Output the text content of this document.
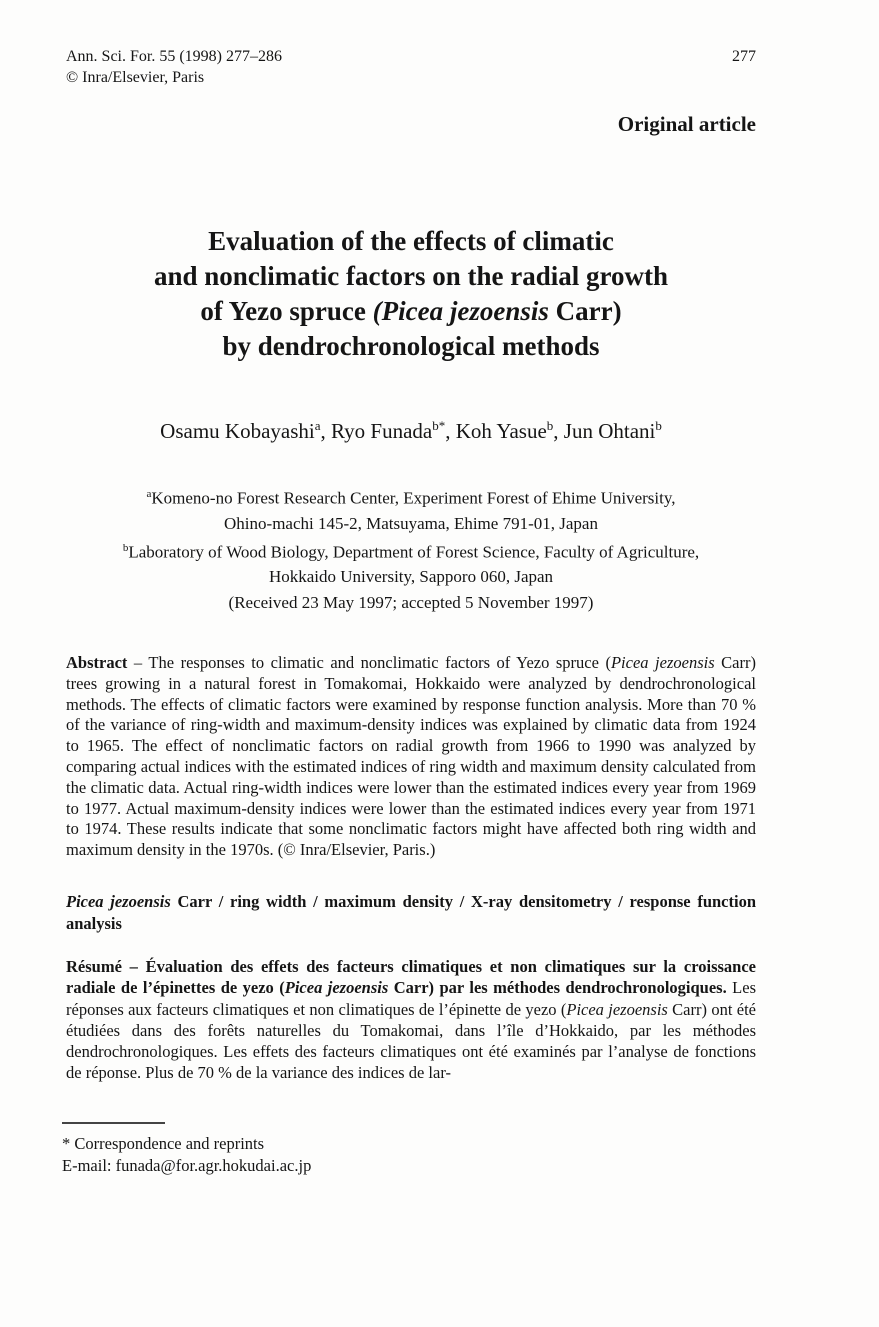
Ann. Sci. For. 55 (1998) 277–286
© Inra/Elsevier, Paris
277
Original article
Evaluation of the effects of climatic
and nonclimatic factors on the radial growth
of Yezo spruce (Picea jezoensis Carr)
by dendrochronological methods
Osamu Kobayashi$^a$, Ryo Funada$^{b*}$, Koh Yasue$^b$, Jun Ohtani$^b$
$^a$Komeno-no Forest Research Center, Experiment Forest of Ehime University,
Ohino-machi 145-2, Matsuyama, Ehime 791-01, Japan
$^b$Laboratory of Wood Biology, Department of Forest Science, Faculty of Agriculture,
Hokkaido University, Sapporo 060, Japan
(Received 23 May 1997; accepted 5 November 1997)

Abstract – The responses to climatic and nonclimatic factors of Yezo spruce (Picea jezoensis Carr) trees growing in a natural forest in Tomakomai, Hokkaido were analyzed by dendrochronological methods. The effects of climatic factors were examined by response function analysis. More than 70 % of the variance of ring-width and maximum-density indices was explained by climatic data from 1924 to 1965. The effect of nonclimatic factors on radial growth from 1966 to 1990 was analyzed by comparing actual indices with the estimated indices of ring width and maximum density calculated from the climatic data. Actual ring-width indices were lower than the estimated indices every year from 1969 to 1977. Actual maximum-density indices were lower than the estimated indices every year from 1971 to 1974. These results indicate that some nonclimatic factors might have affected both ring width and maximum density in the 1970s. (© Inra/Elsevier, Paris.)

Picea jezoensis Carr / ring width / maximum density / X-ray densitometry / response function analysis

Résumé – Évaluation des effets des facteurs climatiques et non climatiques sur la croissance radiale de l’épinettes de yezo (Picea jezoensis Carr) par les méthodes dendrochronologiques. Les réponses aux facteurs climatiques et non climatiques de l’épinette de yezo (Picea jezoensis Carr) ont été étudiées dans des forêts naturelles du Tomakomai, dans l’île d’Hokkaido, par les méthodes dendrochronologiques. Les effets des facteurs climatiques ont été examinés par l’analyse de fonctions de réponse. Plus de 70 % de la variance des indices de lar-

* Correspondence and reprints
E-mail: funada@for.agr.hokudai.ac.jp
